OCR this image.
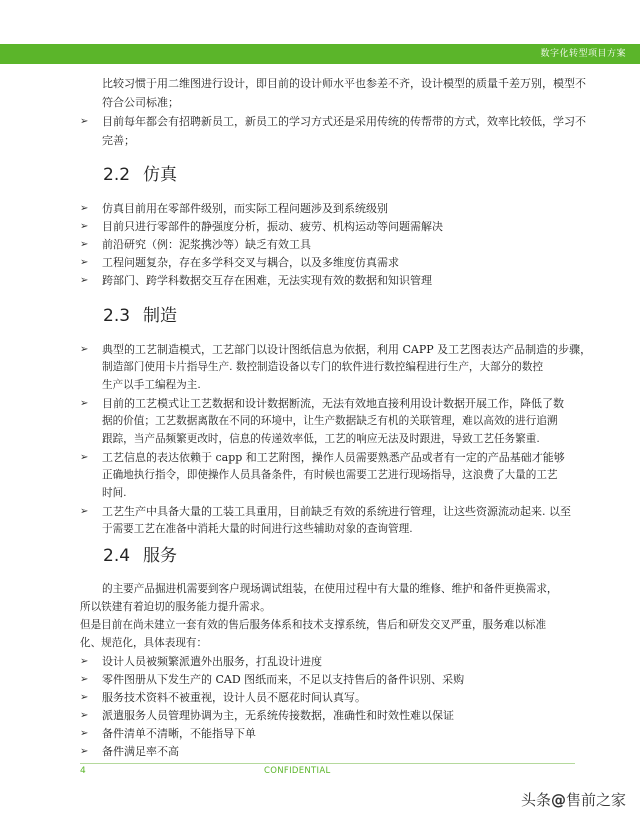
数字化转型项目方案
比较习惯于用二维图进行设计，即目前的设计师水平也参差不齐，设计模型的质量千差万别，模型不
符合公司标准；
➢	目前每年都会有招聘新员工，新员工的学习方式还是采用传统的传帮带的方式，效率比较低，学习不
完善；
2.2 仿真
➢	仿真目前用在零部件级别，而实际工程问题涉及到系统级别
➢	目前只进行零部件的静强度分析，振动、疲劳、机构运动等问题需解决
➢	前沿研究（例：泥浆携沙等）缺乏有效工具
➢	工程问题复杂，存在多学科交叉与耦合，以及多维度仿真需求
➢	跨部门、跨学科数据交互存在困难，无法实现有效的数据和知识管理
2.3 制造
➢	典型的工艺制造模式，工艺部门以设计图纸信息为依据，利用 CAPP 及工艺图表达产品制造的步骤，
制造部门使用卡片指导生产. 数控制造设备以专门的软件进行数控编程进行生产，大部分的数控
生产以手工编程为主.
➢	目前的工艺模式让工艺数据和设计数据断流，无法有效地直接利用设计数据开展工作，降低了数
据的价值；工艺数据离散在不同的环境中，让生产数据缺乏有机的关联管理，难以高效的进行追溯
跟踪，当产品频繁更改时，信息的传递效率低，工艺的响应无法及时跟进，导致工艺任务繁重.
➢	工艺信息的表达依赖于 capp 和工艺附图，操作人员需要熟悉产品或者有一定的产品基础才能够
正确地执行指令，即使操作人员具备条件，有时候也需要工艺进行现场指导，这浪费了大量的工艺
时间.
➢	工艺生产中具备大量的工装工具重用，目前缺乏有效的系统进行管理，让这些资源流动起来. 以至
于需要工艺在准备中消耗大量的时间进行这些辅助对象的查询管理.
2.4 服务
的主要产品掘进机需要到客户现场调试组装，在使用过程中有大量的维修、维护和备件更换需求，
所以铁建有着迫切的服务能力提升需求。
但是目前在尚未建立一套有效的售后服务体系和技术支撑系统，售后和研发交叉严重，服务难以标准
化、规范化，具体表现有：
➢	设计人员被频繁派遣外出服务，打乱设计进度
➢	零件图册从下发生产的 CAD 图纸而来，不足以支持售后的备件识别、采购
➢	服务技术资料不被重视，设计人员不愿花时间认真写。
➢	派遣服务人员管理协调为主，无系统传接数据，准确性和时效性难以保证
➢	备件清单不清晰，不能指导下单
➢	备件满足率不高
4	CONFIDENTIAL
头条@售前之家
